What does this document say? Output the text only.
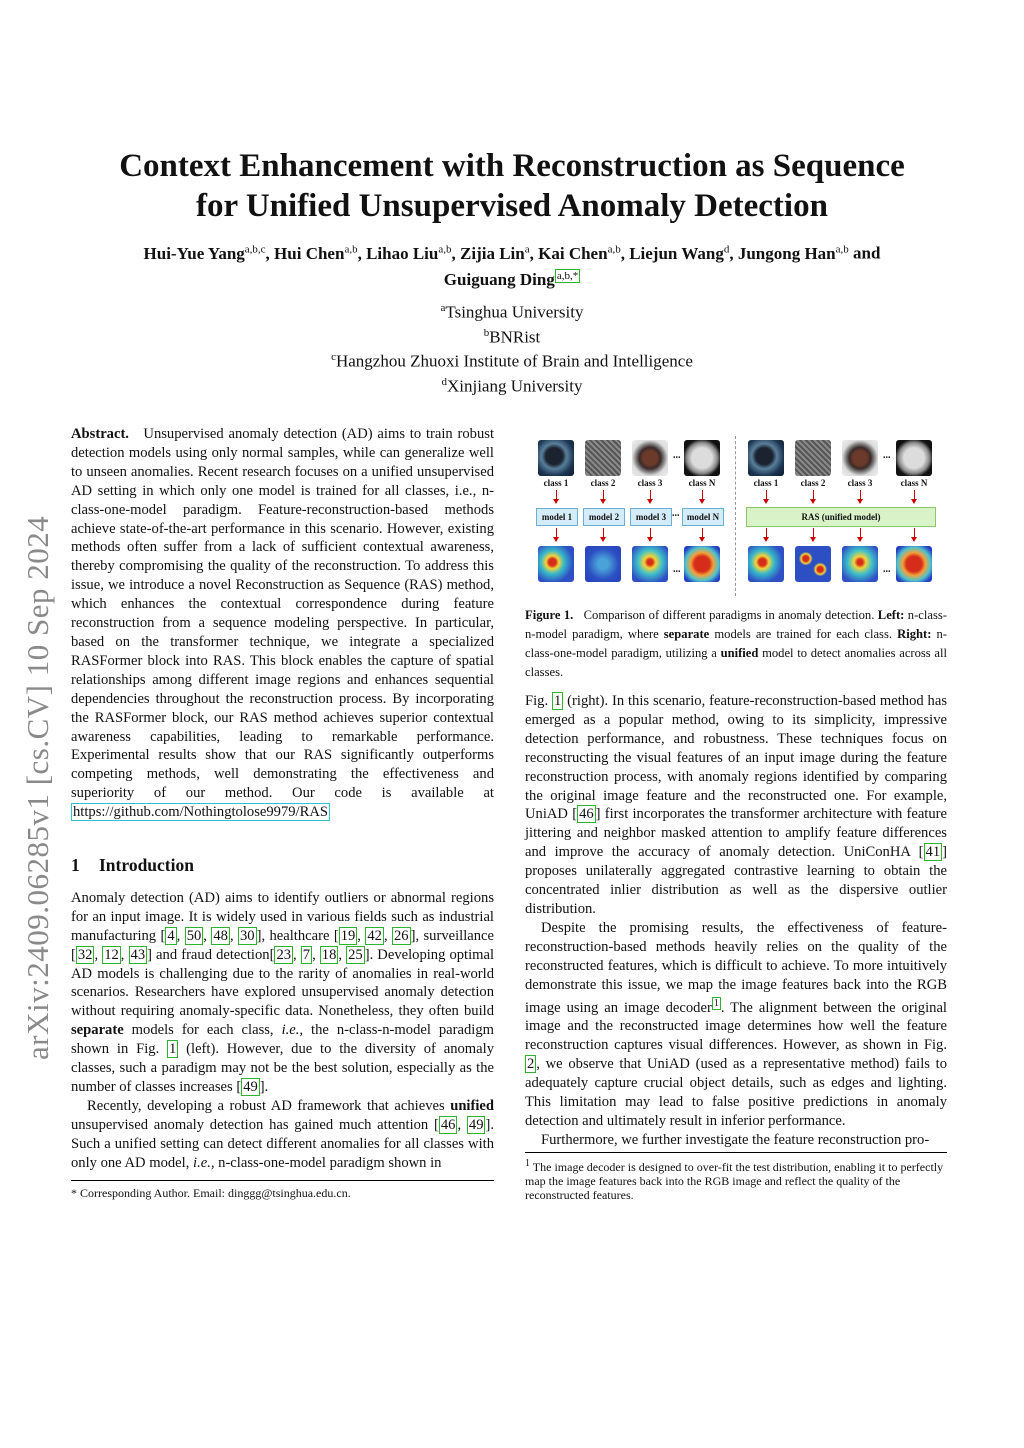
arXiv:2409.06285v1 [cs.CV] 10 Sep 2024
Context Enhancement with Reconstruction as Sequence
for Unified Unsupervised Anomaly Detection
Hui-Yue Yang$^{a,b,c}$, Hui Chen$^{a,b}$, Lihao Liu$^{a,b}$, Zijia Lin$^a$, Kai Chen$^{a,b}$, Liejun Wang$^d$, Jungong Han$^{a,b}$ and
Guiguang Ding $^{a,b,*}$
$^a$Tsinghua University
$^b$BNRist
$^c$Hangzhou Zhuoxi Institute of Brain and Intelligence
$^d$Xinjiang University

Abstract. Unsupervised anomaly detection (AD) aims to train robust detection models using only normal samples, while can generalize well to unseen anomalies. Recent research focuses on a unified unsupervised AD setting in which only one model is trained for all classes, i.e., n-class-one-model paradigm. Feature-reconstruction-based methods achieve state-of-the-art performance in this scenario. However, existing methods often suffer from a lack of sufficient contextual awareness, thereby compromising the quality of the reconstruction. To address this issue, we introduce a novel Reconstruction as Sequence (RAS) method, which enhances the contextual correspondence during feature reconstruction from a sequence modeling perspective. In particular, based on the transformer technique, we integrate a specialized RASFormer block into RAS. This block enables the capture of spatial relationships among different image regions and enhances sequential dependencies throughout the reconstruction process. By incorporating the RASFormer block, our RAS method achieves superior contextual awareness capabilities, leading to remarkable performance. Experimental results show that our RAS significantly outperforms competing methods, well demonstrating the effectiveness and superiority of our method. Our code is available at https://github.com/Nothingtolose9979/RAS

1 Introduction

Anomaly detection (AD) aims to identify outliers or abnormal regions for an input image. It is widely used in various fields such as industrial manufacturing [ 4 , 50 , 48 , 30 ], healthcare [ 19 , 42 , 26 ], surveillance [ 32 , 12 , 43 ] and fraud detection[ 23 , 7 , 18 , 25 ]. Developing optimal AD models is challenging due to the rarity of anomalies in real-world scenarios. Researchers have explored unsupervised anomaly detection without requiring anomaly-specific data. Nonetheless, they often build separate models for each class, i.e., the n-class-n-model paradigm shown in Fig. 1 (left). However, due to the diversity of anomaly classes, such a paradigm may not be the best solution, especially as the number of classes increases [ 49 ].

Recently, developing a robust AD framework that achieves unified unsupervised anomaly detection has gained much attention [ 46 , 49 ]. Such a unified setting can detect different anomalies for all classes with only one AD model, i.e., n-class-one-model paradigm shown in

* Corresponding Author. Email: dinggg@tsinghua.edu.cn.
...
class 1	class 2	class 3	class N
model 1	model 2	model 3 ... model N
...
...
class 1	class 2	class 3	class N
RAS (unified model)
...
Figure 1. Comparison of different paradigms in anomaly detection. Left: n-class-n-model paradigm, where separate models are trained for each class. Right: n-class-one-model paradigm, utilizing a unified model to detect anomalies across all classes.

Fig. 1 (right). In this scenario, feature-reconstruction-based method has emerged as a popular method, owing to its simplicity, impressive detection performance, and robustness. These techniques focus on reconstructing the visual features of an input image during the feature reconstruction process, with anomaly regions identified by comparing the original image feature and the reconstructed one. For example, UniAD [ 46 ] first incorporates the transformer architecture with feature jittering and neighbor masked attention to amplify feature differences and improve the accuracy of anomaly detection. UniConHA [ 41 ] proposes unilaterally aggregated contrastive learning to obtain the concentrated inlier distribution as well as the dispersive outlier distribution.

Despite the promising results, the effectiveness of feature-reconstruction-based methods heavily relies on the quality of the reconstructed features, which is difficult to achieve. To more intuitively demonstrate this issue, we map the image features back into the RGB image using an image decoder $^1$ . The alignment between the original image and the reconstructed image determines how well the feature reconstruction captures visual differences. However, as shown in Fig. 2 , we observe that UniAD (used as a representative method) fails to adequately capture crucial object details, such as edges and lighting. This limitation may lead to false positive predictions in anomaly detection and ultimately result in inferior performance.

Furthermore, we further investigate the feature reconstruction pro-

$^1$ The image decoder is designed to over-fit the test distribution, enabling it to perfectly map the image features back into the RGB image and reflect the quality of the reconstructed features.
